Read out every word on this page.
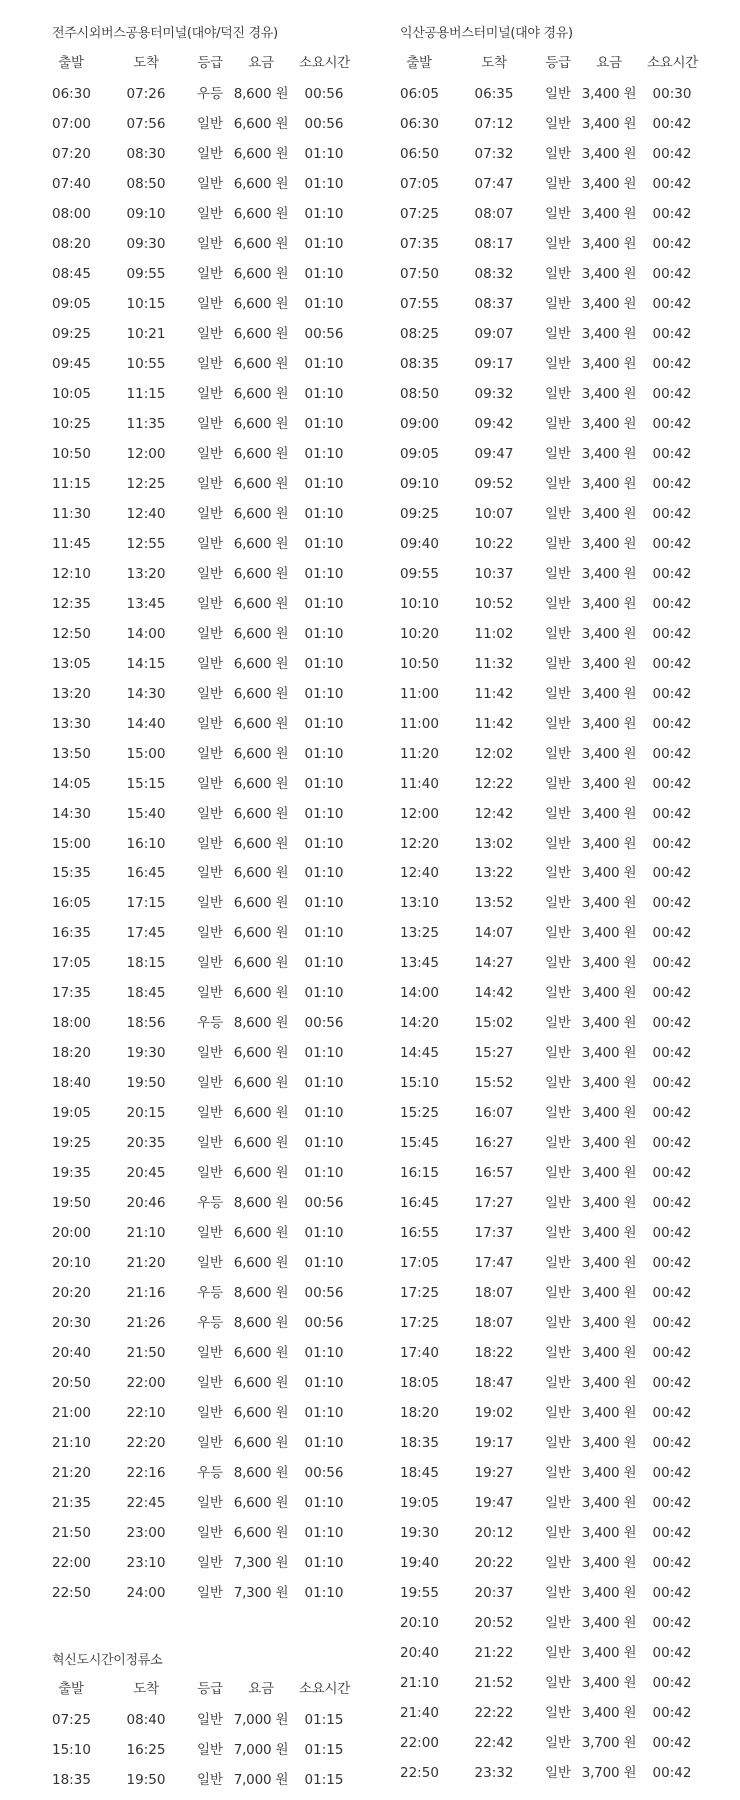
전주시외버스공용터미널(대야/덕진 경유)
출발	도착	등급	요금	소요시간
06:30	07:26	우등 8,600 원	00:56
07:00	07:56	일반 6,600 원	00:56
07:20	08:30	일반 6,600 원	01:10
07:40	08:50	일반 6,600 원	01:10
08:00	09:10	일반 6,600 원	01:10
08:20	09:30	일반 6,600 원	01:10
08:45	09:55	일반 6,600 원	01:10
09:05	10:15	일반 6,600 원	01:10
09:25	10:21	일반 6,600 원	00:56
09:45	10:55	일반 6,600 원	01:10
10:05	11:15	일반 6,600 원	01:10
10:25	11:35	일반 6,600 원	01:10
10:50	12:00	일반 6,600 원	01:10
11:15	12:25	일반 6,600 원	01:10
11:30	12:40	일반 6,600 원	01:10
11:45	12:55	일반 6,600 원	01:10
12:10	13:20	일반 6,600 원	01:10
12:35	13:45	일반 6,600 원	01:10
12:50	14:00	일반 6,600 원	01:10
13:05	14:15	일반 6,600 원	01:10
13:20	14:30	일반 6,600 원	01:10
13:30	14:40	일반 6,600 원	01:10
13:50	15:00	일반 6,600 원	01:10
14:05	15:15	일반 6,600 원	01:10
14:30	15:40	일반 6,600 원	01:10
15:00	16:10	일반 6,600 원	01:10
15:35	16:45	일반 6,600 원	01:10
16:05	17:15	일반 6,600 원	01:10
16:35	17:45	일반 6,600 원	01:10
17:05	18:15	일반 6,600 원	01:10
17:35	18:45	일반 6,600 원	01:10
18:00	18:56	우등 8,600 원	00:56
18:20	19:30	일반 6,600 원	01:10
18:40	19:50	일반 6,600 원	01:10
19:05	20:15	일반 6,600 원	01:10
19:25	20:35	일반 6,600 원	01:10
19:35	20:45	일반 6,600 원	01:10
19:50	20:46	우등 8,600 원	00:56
20:00	21:10	일반 6,600 원	01:10
20:10	21:20	일반 6,600 원	01:10
20:20	21:16	우등 8,600 원	00:56
20:30	21:26	우등 8,600 원	00:56
20:40	21:50	일반 6,600 원	01:10
20:50	22:00	일반 6,600 원	01:10
21:00	22:10	일반 6,600 원	01:10
21:10	22:20	일반 6,600 원	01:10
21:20	22:16	우등 8,600 원	00:56
21:35	22:45	일반 6,600 원	01:10
21:50	23:00	일반 6,600 원	01:10
22:00	23:10	일반 7,300 원	01:10
22:50	24:00	일반 7,300 원	01:10
혁신도시간이정류소
출발	도착	등급	요금	소요시간
07:25	08:40	일반 7,000 원	01:15
15:10	16:25	일반 7,000 원	01:15
18:35	19:50	일반 7,000 원	01:15
익산공용버스터미널(대야 경유)
출발	도착	등급	요금	소요시간
06:05	06:35	일반 3,400 원	00:30
06:30	07:12	일반 3,400 원	00:42
06:50	07:32	일반 3,400 원	00:42
07:05	07:47	일반 3,400 원	00:42
07:25	08:07	일반 3,400 원	00:42
07:35	08:17	일반 3,400 원	00:42
07:50	08:32	일반 3,400 원	00:42
07:55	08:37	일반 3,400 원	00:42
08:25	09:07	일반 3,400 원	00:42
08:35	09:17	일반 3,400 원	00:42
08:50	09:32	일반 3,400 원	00:42
09:00	09:42	일반 3,400 원	00:42
09:05	09:47	일반 3,400 원	00:42
09:10	09:52	일반 3,400 원	00:42
09:25	10:07	일반 3,400 원	00:42
09:40	10:22	일반 3,400 원	00:42
09:55	10:37	일반 3,400 원	00:42
10:10	10:52	일반 3,400 원	00:42
10:20	11:02	일반 3,400 원	00:42
10:50	11:32	일반 3,400 원	00:42
11:00	11:42	일반 3,400 원	00:42
11:00	11:42	일반 3,400 원	00:42
11:20	12:02	일반 3,400 원	00:42
11:40	12:22	일반 3,400 원	00:42
12:00	12:42	일반 3,400 원	00:42
12:20	13:02	일반 3,400 원	00:42
12:40	13:22	일반 3,400 원	00:42
13:10	13:52	일반 3,400 원	00:42
13:25	14:07	일반 3,400 원	00:42
13:45	14:27	일반 3,400 원	00:42
14:00	14:42	일반 3,400 원	00:42
14:20	15:02	일반 3,400 원	00:42
14:45	15:27	일반 3,400 원	00:42
15:10	15:52	일반 3,400 원	00:42
15:25	16:07	일반 3,400 원	00:42
15:45	16:27	일반 3,400 원	00:42
16:15	16:57	일반 3,400 원	00:42
16:45	17:27	일반 3,400 원	00:42
16:55	17:37	일반 3,400 원	00:42
17:05	17:47	일반 3,400 원	00:42
17:25	18:07	일반 3,400 원	00:42
17:25	18:07	일반 3,400 원	00:42
17:40	18:22	일반 3,400 원	00:42
18:05	18:47	일반 3,400 원	00:42
18:20	19:02	일반 3,400 원	00:42
18:35	19:17	일반 3,400 원	00:42
18:45	19:27	일반 3,400 원	00:42
19:05	19:47	일반 3,400 원	00:42
19:30	20:12	일반 3,400 원	00:42
19:40	20:22	일반 3,400 원	00:42
19:55	20:37	일반 3,400 원	00:42
20:10	20:52	일반 3,400 원	00:42
20:40	21:22	일반 3,400 원	00:42
21:10	21:52	일반 3,400 원	00:42
21:40	22:22	일반 3,400 원	00:42
22:00	22:42	일반 3,700 원	00:42
22:50	23:32	일반 3,700 원	00:42
